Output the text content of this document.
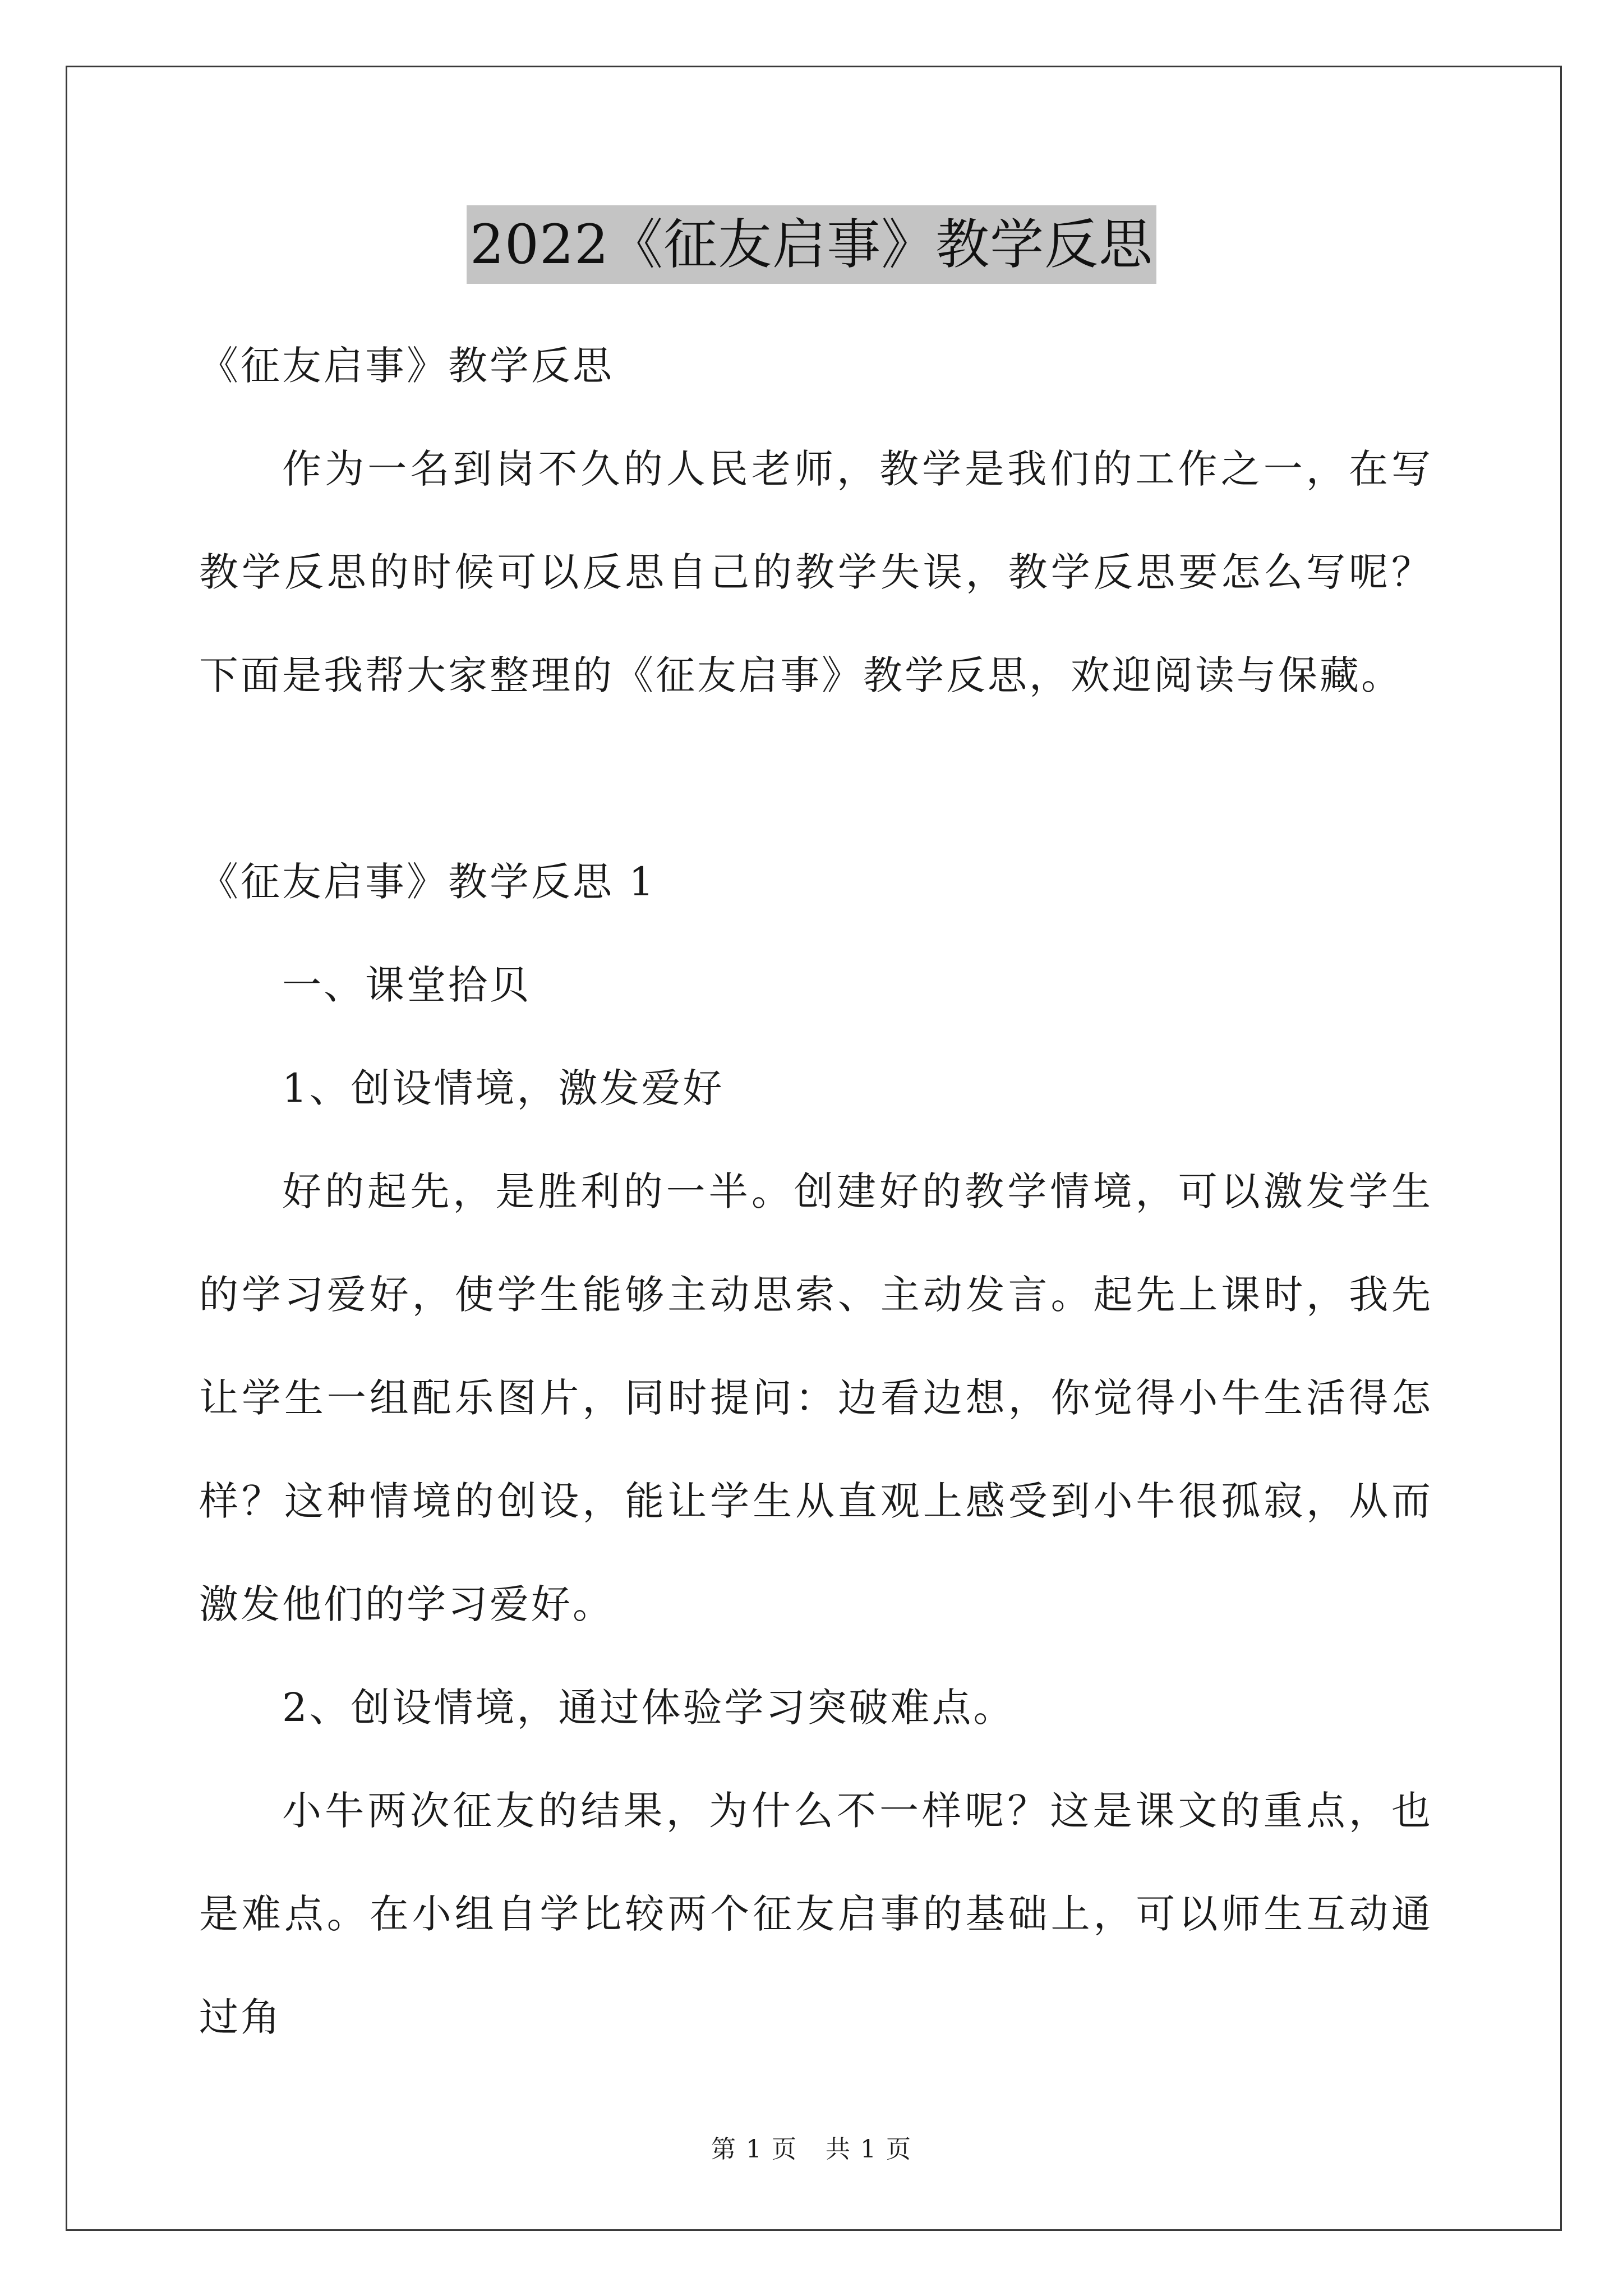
2022《征友启事》教学反思

《征友启事》教学反思

作为一名到岗不久的人民老师，教学是我们的工作之一，在写教学反思的时候可以反思自己的教学失误，教学反思要怎么写呢？下面是我帮大家整理的《征友启事》教学反思，欢迎阅读与保藏。

《征友启事》教学反思 1

一、课堂拾贝

1、创设情境，激发爱好

好的起先，是胜利的一半。创建好的教学情境，可以激发学生的学习爱好，使学生能够主动思索、主动发言。起先上课时，我先让学生一组配乐图片，同时提问：边看边想，你觉得小牛生活得怎样？这种情境的创设，能让学生从直观上感受到小牛很孤寂，从而激发他们的学习爱好。

2、创设情境，通过体验学习突破难点。

小牛两次征友的结果，为什么不一样呢？这是课文的重点，也是难点。在小组自学比较两个征友启事的基础上，可以师生互动通过角

第 1 页 共 1 页
